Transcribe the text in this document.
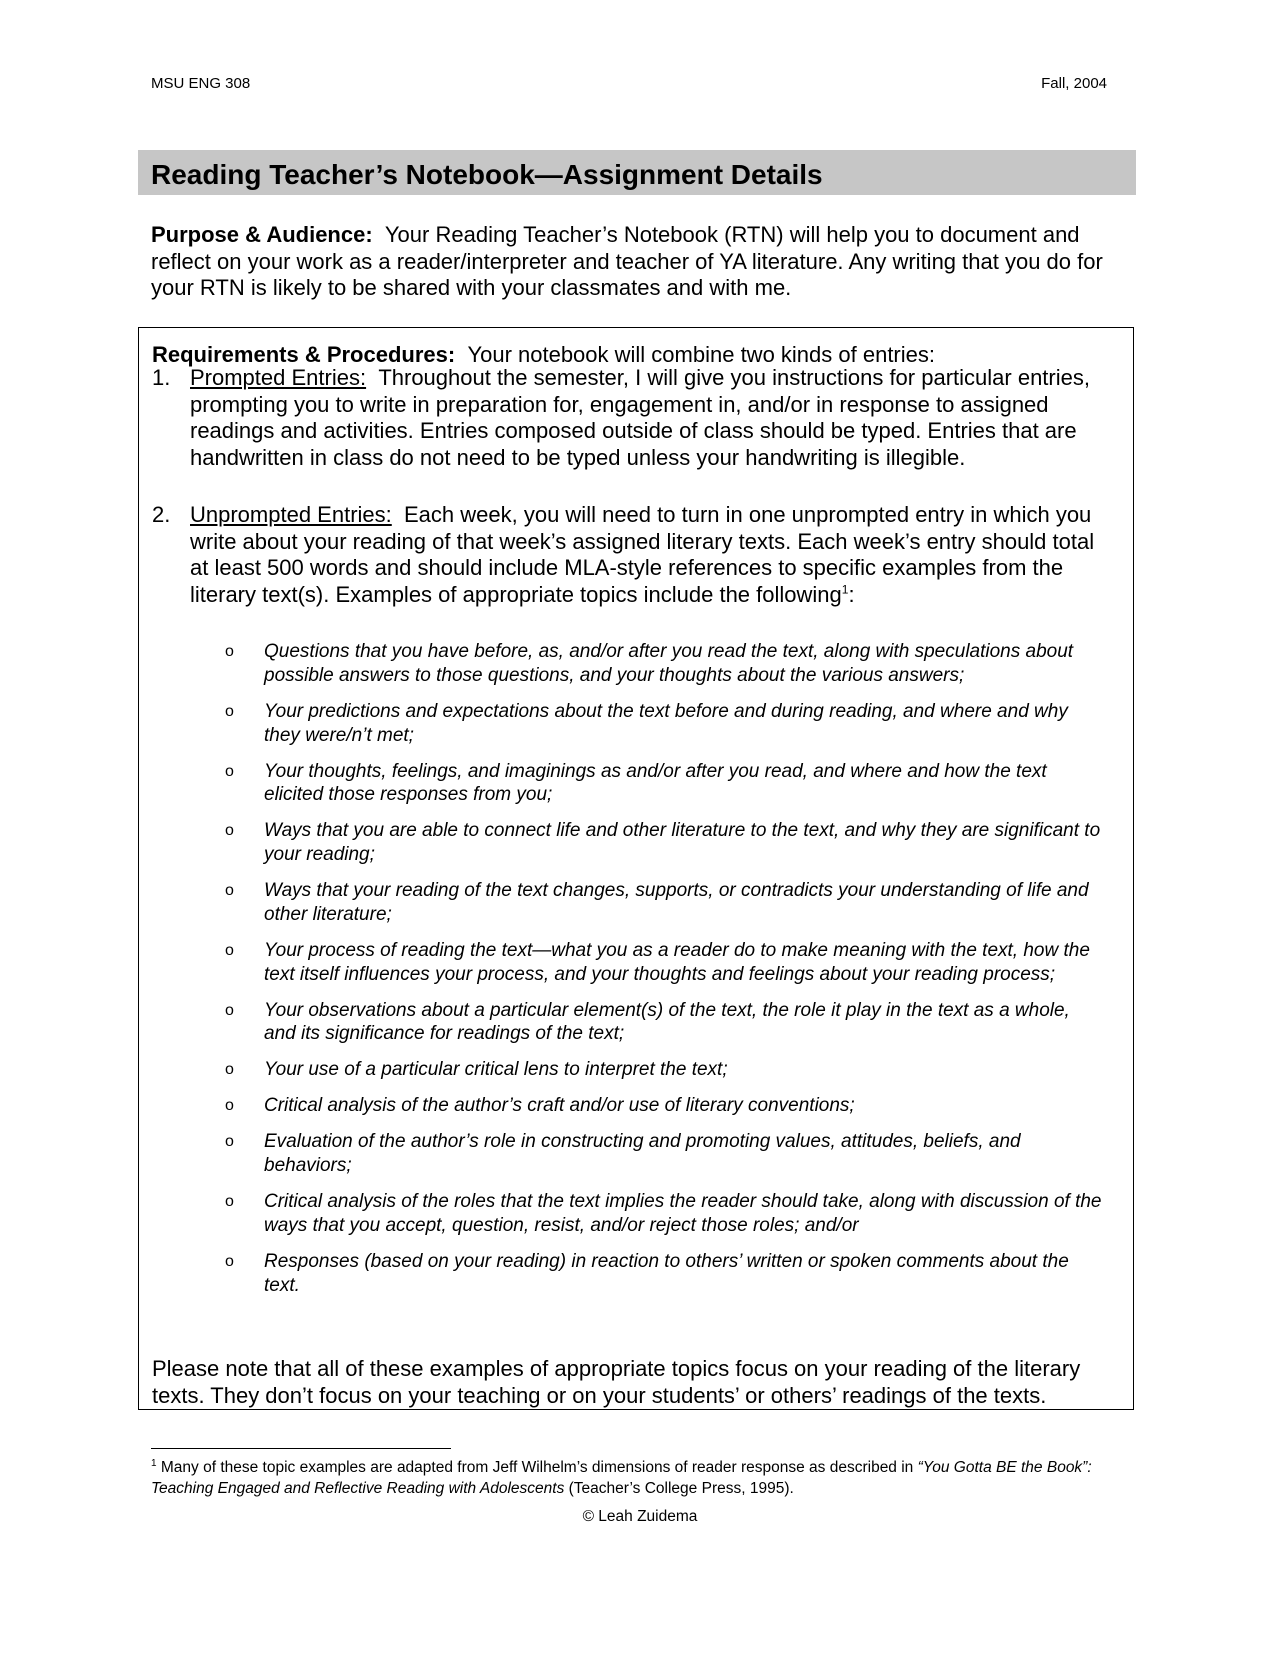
MSU ENG 308	Fall, 2004
Reading Teacher’s Notebook—Assignment Details
Purpose & Audience: Your Reading Teacher’s Notebook (RTN) will help you to document and reflect on your work as a reader/interpreter and teacher of YA literature. Any writing that you do for your RTN is likely to be shared with your classmates and with me.
Requirements & Procedures: Your notebook will combine two kinds of entries:
1. Prompted Entries: Throughout the semester, I will give you instructions for particular entries, prompting you to write in preparation for, engagement in, and/or in response to assigned readings and activities. Entries composed outside of class should be typed. Entries that are handwritten in class do not need to be typed unless your handwriting is illegible.
2. Unprompted Entries: Each week, you will need to turn in one unprompted entry in which you write about your reading of that week’s assigned literary texts. Each week’s entry should total at least 500 words and should include MLA-style references to specific examples from the literary text(s). Examples of appropriate topics include the following$^1$:
o Questions that you have before, as, and/or after you read the text, along with speculations about possible answers to those questions, and your thoughts about the various answers;
o Your predictions and expectations about the text before and during reading, and where and why they were/n’t met;
o Your thoughts, feelings, and imaginings as and/or after you read, and where and how the text elicited those responses from you;
o Ways that you are able to connect life and other literature to the text, and why they are significant to your reading;
o Ways that your reading of the text changes, supports, or contradicts your understanding of life and other literature;
o Your process of reading the text—what you as a reader do to make meaning with the text, how the text itself influences your process, and your thoughts and feelings about your reading process;
o Your observations about a particular element(s) of the text, the role it play in the text as a whole, and its significance for readings of the text;
o Your use of a particular critical lens to interpret the text;
o Critical analysis of the author’s craft and/or use of literary conventions;
o Evaluation of the author’s role in constructing and promoting values, attitudes, beliefs, and behaviors;
o Critical analysis of the roles that the text implies the reader should take, along with discussion of the ways that you accept, question, resist, and/or reject those roles; and/or
o Responses (based on your reading) in reaction to others’ written or spoken comments about the text.
Please note that all of these examples of appropriate topics focus on your reading of the literary texts. They don’t focus on your teaching or on your students’ or others’ readings of the texts.
$^1$ Many of these topic examples are adapted from Jeff Wilhelm’s dimensions of reader response as described in “You Gotta BE the Book”: Teaching Engaged and Reflective Reading with Adolescents (Teacher’s College Press, 1995).
© Leah Zuidema
